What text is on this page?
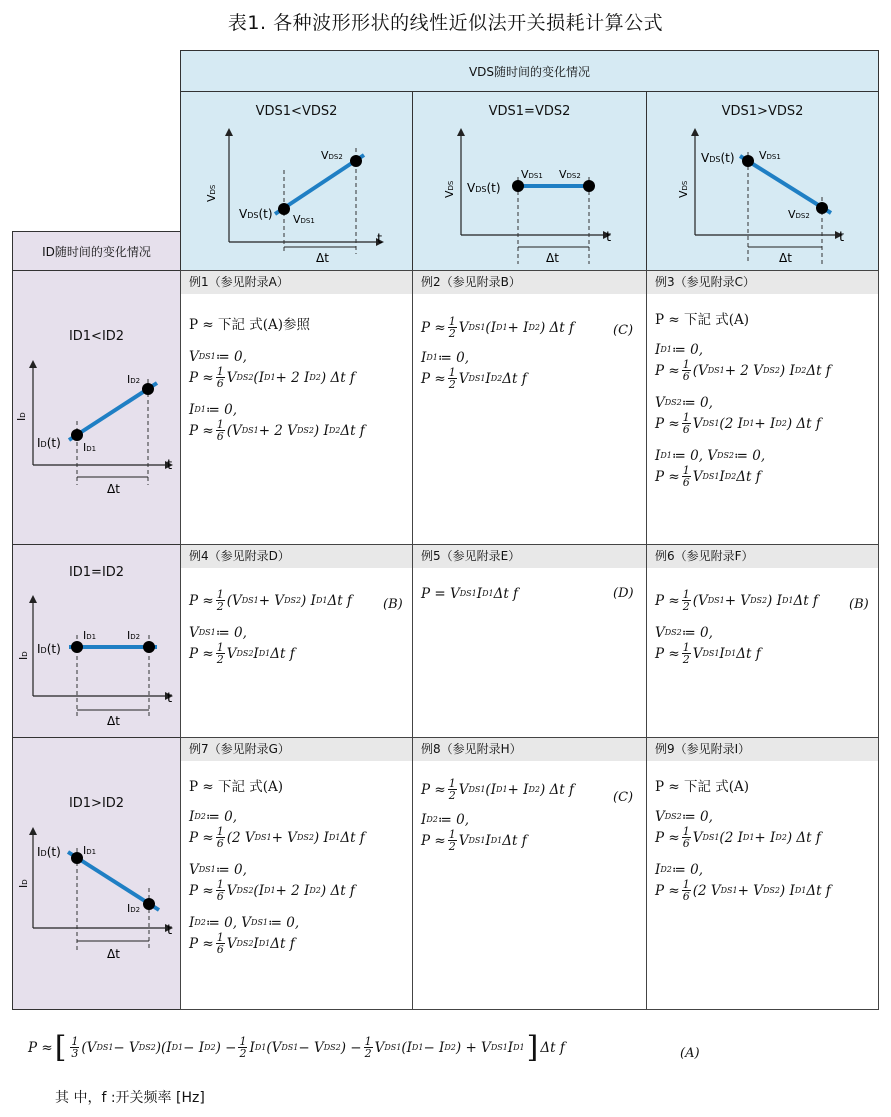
表1. 各种波形形状的线性近似法开关损耗计算公式
VDS随时间的变化情况
VDS1<VDS2
VDS
VDS(t) VDS1
VDS2
Δt
t
VDS1=VDS2
VDS VDS(t)
VDS1 VDS2
Δt
t
VDS1>VDS2
VDS
VDS(t) VDS1
VDS2
Δt
t
ID随时间的变化情况
ID1<ID2
ID
ID(t) ID1
ID2
Δt
t
ID1=ID2
ID ID(t)
ID1	ID2
Δt
t
ID1>ID2
ID
ID(t) ID1
ID2
Δt
t
例1（参见附录A）
P ≈ 下記 式(A)参照
V DS1 ≔ 0,
$P \approx \frac{1}{6}$ V DS2 (I D1 + 2 I D2 ) Δt f
I D1 ≔ 0,
$P \approx \frac{1}{6} (V$ DS1 + 2 V DS2 ) I D2 Δt f
例2（参见附录B）
$P \approx \frac{1}{2}$ V DS1 (I D1 + I D2 ) Δt f
I D1 ≔ 0,
$P \approx \frac{1}{2}$ V DS1 I D2 Δt f
(C)
例3（参见附录C）
P ≈ 下記 式(A)
I D1 ≔ 0,
$P \approx \frac{1}{6} (V$ DS1 + 2 V DS2 ) I D2 Δt f
V DS2 ≔ 0,
$P \approx \frac{1}{6}$ V DS1 (2 I D1 + I D2 ) Δt f
I D1 ≔ 0, V DS2 ≔ 0,
$P \approx \frac{1}{6}$ V DS1 I D2 Δt f
例4（参见附录D）
$P \approx \frac{1}{2} (V$ DS1 + V DS2 ) I D1 Δt f
V DS1 ≔ 0,
$P \approx \frac{1}{2}$ V DS2 I D1 Δt f
(B)
例5（参见附录E）
P = V DS1 I D1 Δt f	(D)
例6（参见附录F）
$P \approx \frac{1}{2} (V$ DS1 + V DS2 ) I D1 Δt f
V DS2 ≔ 0,
$P \approx \frac{1}{2}$ V DS1 I D1 Δt f
(B)
例7（参见附录G）
P ≈ 下記 式(A)
I D2 ≔ 0,
$P \approx \frac{1}{6} (2$ V DS1 + V DS2 ) I D1 Δt f
V DS1 ≔ 0,
$P \approx \frac{1}{6}$ V DS2 (I D1 + 2 I D2 ) Δt f
I D2 ≔ 0, V DS1 ≔ 0,
$P \approx \frac{1}{6}$ V DS2 I D1 Δt f
例8（参见附录H）
$P \approx \frac{1}{2}$ V DS1 (I D1 + I D2 ) Δt f
I D2 ≔ 0,
$P \approx \frac{1}{2}$ V DS1 I D1 Δt f
(C)
例9（参见附录I）
P ≈ 下記 式(A)
V DS2 ≔ 0,
$P \approx \frac{1}{6}$ V DS1 (2 I D1 + I D2 ) Δt f
I D2 ≔ 0,
$P \approx \frac{1}{6} (2$ V DS1 + V DS2 ) I D1 Δt f
P ≈ [ $\frac{1}{3} (V$ DS1 − V DS2 )(I D1 − I D2 ) − $\frac{1}{2}$ I D1 (V DS1 − V DS2 ) − $\frac{1}{2}$ V DS1 (I D1 − I D2 ) + V DS1 I D1 ] Δt f	(A)
其 中，f :开关频率 [Hz]
